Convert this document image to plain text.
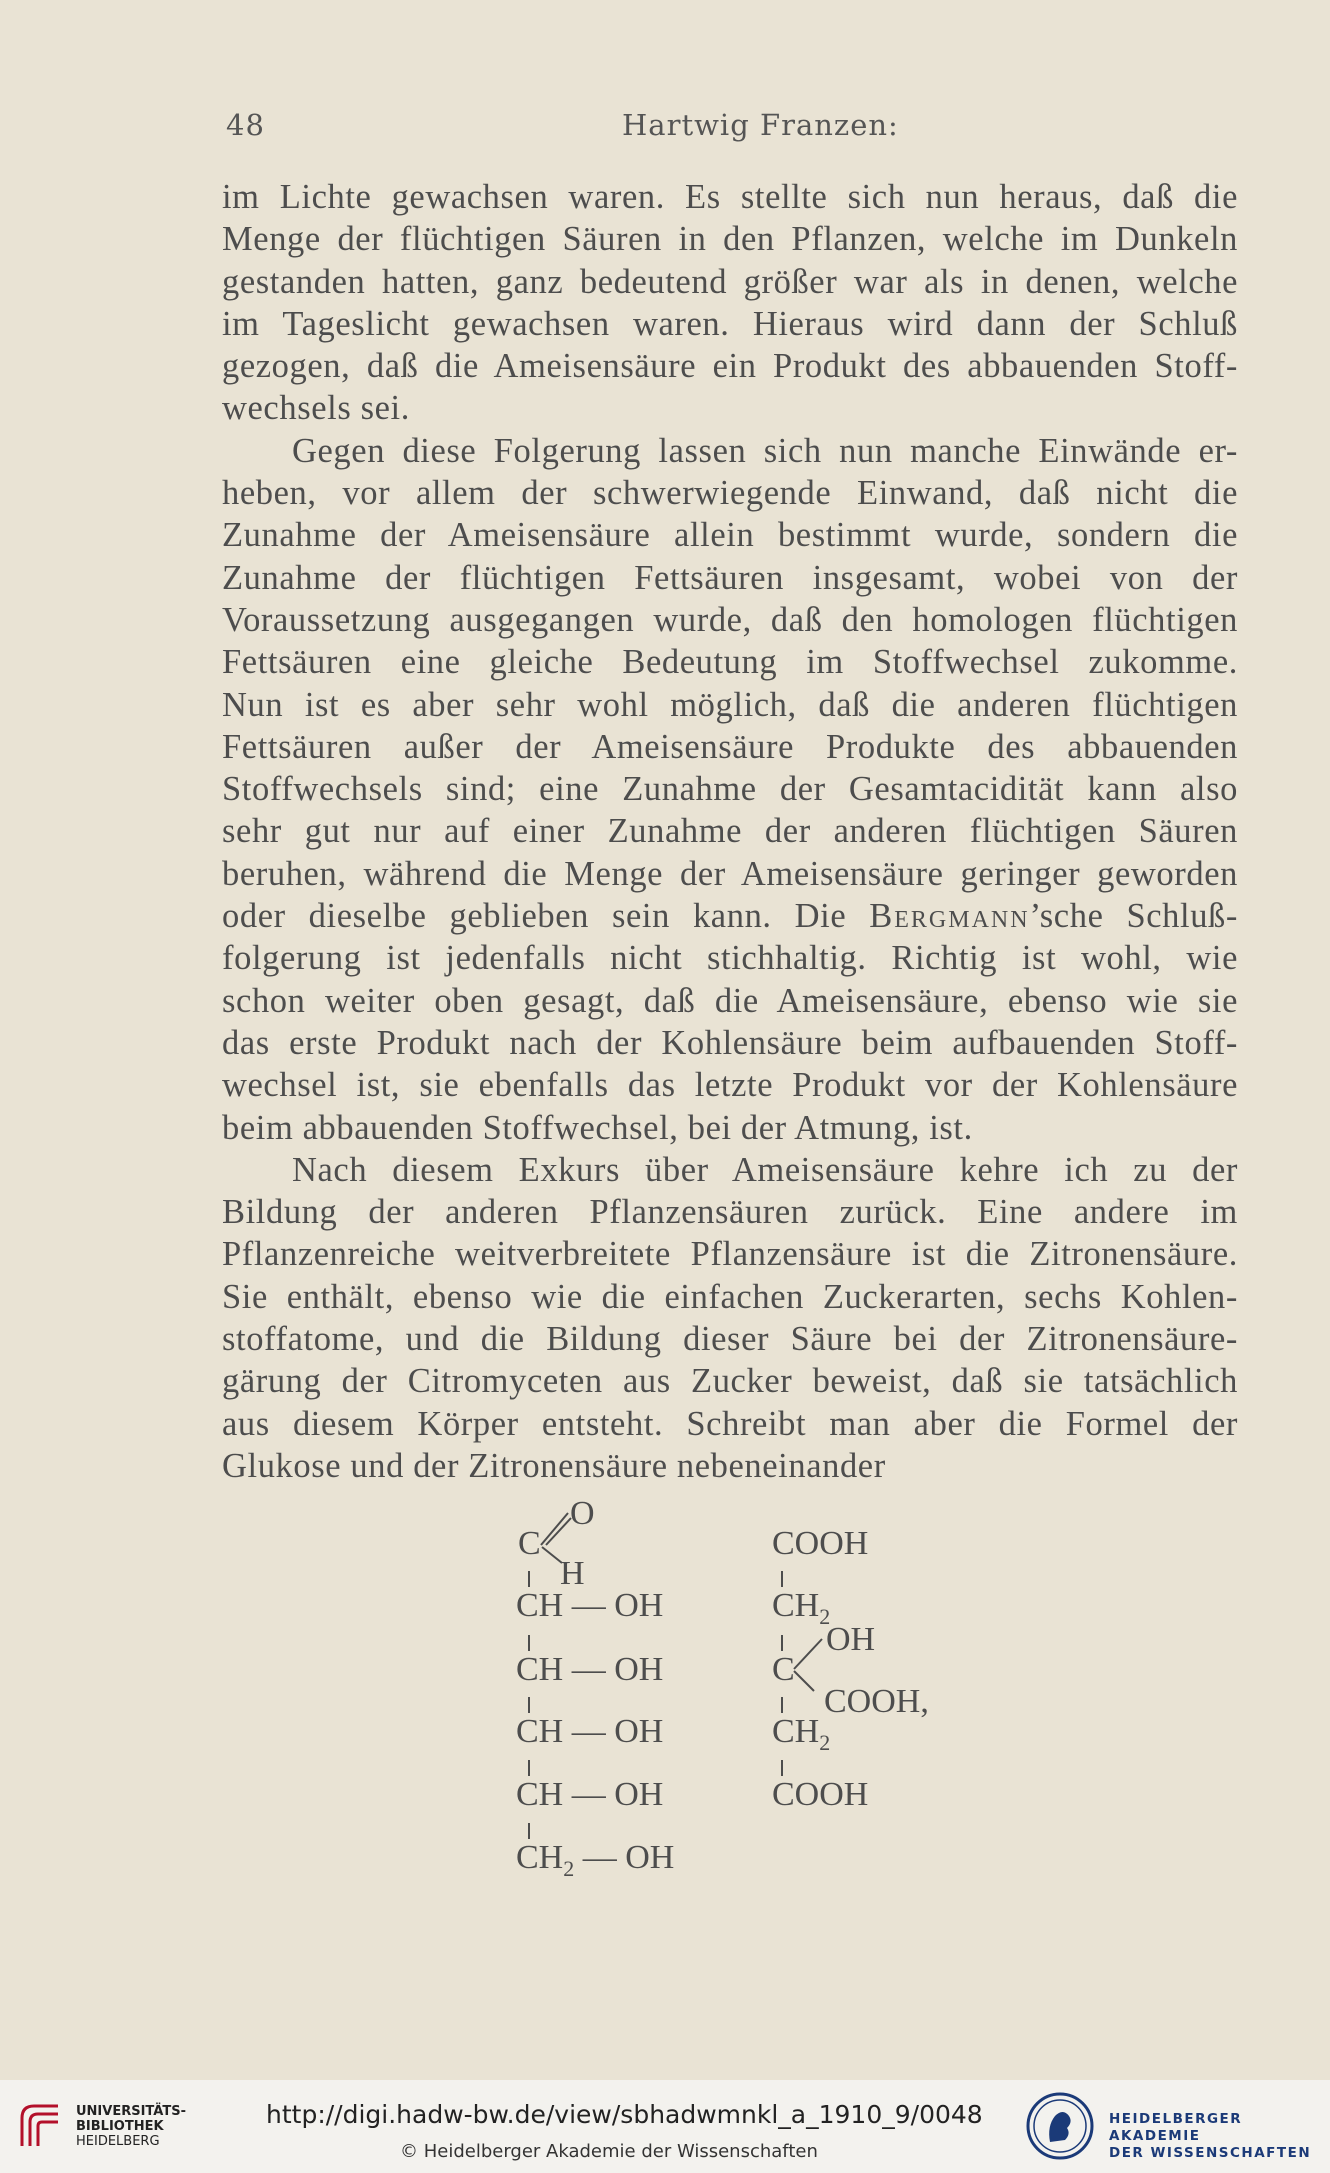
48	Hartwig Franzen:

im Lichte gewachsen waren. Es stellte sich nun heraus, daß die

Menge der flüchtigen Säuren in den Pflanzen, welche im Dunkeln

gestanden hatten, ganz bedeutend größer war als in denen, welche

im Tageslicht gewachsen waren. Hieraus wird dann der Schluß

gezogen, daß die Ameisensäure ein Produkt des abbauenden Stoff-

wechsels sei.

Gegen diese Folgerung lassen sich nun manche Einwände er-

heben, vor allem der schwerwiegende Einwand, daß nicht die

Zunahme der Ameisensäure allein bestimmt wurde, sondern die

Zunahme der flüchtigen Fettsäuren insgesamt, wobei von der

Voraussetzung ausgegangen wurde, daß den homologen flüchtigen

Fettsäuren eine gleiche Bedeutung im Stoffwechsel zukomme.

Nun ist es aber sehr wohl möglich, daß die anderen flüchtigen

Fettsäuren außer der Ameisensäure Produkte des abbauenden

Stoffwechsels sind; eine Zunahme der Gesamtacidität kann also

sehr gut nur auf einer Zunahme der anderen flüchtigen Säuren

beruhen, während die Menge der Ameisensäure geringer geworden

oder dieselbe geblieben sein kann. Die Bergmann’sche Schluß-

folgerung ist jedenfalls nicht stichhaltig. Richtig ist wohl, wie

schon weiter oben gesagt, daß die Ameisensäure, ebenso wie sie

das erste Produkt nach der Kohlensäure beim aufbauenden Stoff-

wechsel ist, sie ebenfalls das letzte Produkt vor der Kohlensäure

beim abbauenden Stoffwechsel, bei der Atmung, ist.

Nach diesem Exkurs über Ameisensäure kehre ich zu der

Bildung der anderen Pflanzensäuren zurück. Eine andere im

Pflanzenreiche weitverbreitete Pflanzensäure ist die Zitronensäure.

Sie enthält, ebenso wie die einfachen Zuckerarten, sechs Kohlen-

stoffatome, und die Bildung dieser Säure bei der Zitronensäure-

gärung der Citromyceten aus Zucker beweist, daß sie tatsächlich

aus diesem Körper entsteht. Schreibt man aber die Formel der

Glukose und der Zitronensäure nebeneinander

O
C
H
CH — OH
CH — OH
CH — OH
CH — OH
$CH_2$ — OH
COOH
$CH_2$
OH
C
COOH,
$CH_2$
COOH
UNIVERSITÄTS-
BIBLIOTHEK
HEIDELBERG
http://digi.hadw-bw.de/view/sbhadwmnkl_a_1910_9/0048
© Heidelberger Akademie der Wissenschaften
HEIDELBERGER AKADEMIE
DER WISSENSCHAFTEN
